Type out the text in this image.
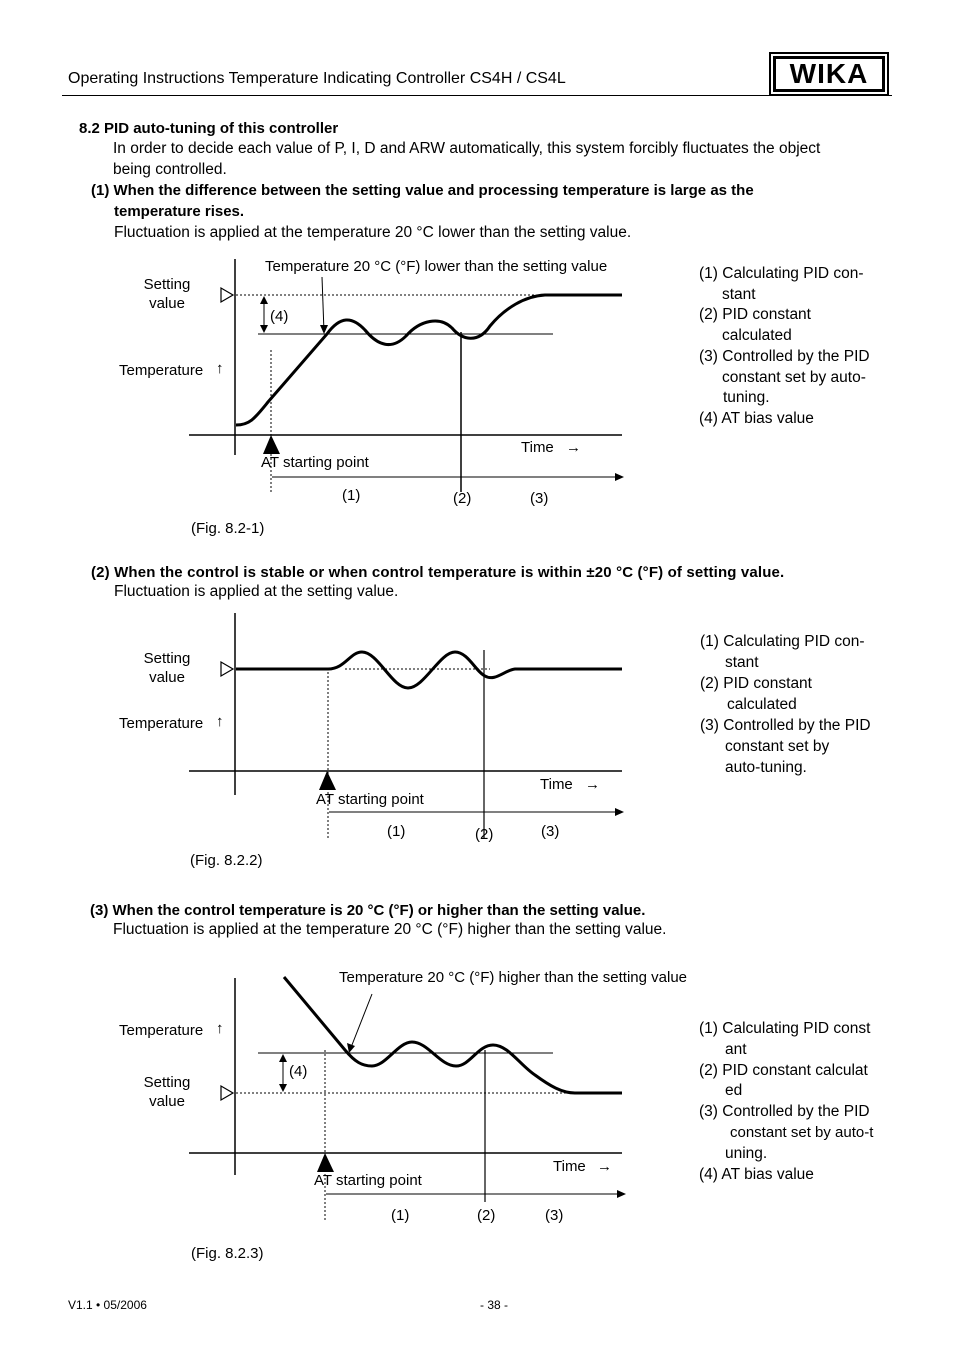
Operating Instructions Temperature Indicating Controller CS4H / CS4L	WIKA
8.2 PID auto-tuning of this controller
In order to decide each value of P, I, D and ARW automatically, this system forcibly fluctuates the object
being controlled.
(1) When the difference between the setting value and processing temperature is large as the
temperature rises.
Fluctuation is applied at the temperature 20 °C lower than the setting value.
Setting
value
Temperature ↑
Temperature 20 °C (°F) lower than the setting value
(4)
AT starting point
Time →
(1)	(2)	(3)
(Fig. 8.2-1)
(1) Calculating PID con-
stant
(2) PID constant
calculated
(3) Controlled by the PID
constant set by auto-
tuning.
(4) AT bias value
(2) When the control is stable or when control temperature is within ±20 °C (°F) of setting value.
Fluctuation is applied at the setting value.
Setting
value
Temperature ↑
AT starting point
Time →
(1)	(2)	(3)
(Fig. 8.2.2)
(1) Calculating PID con-
stant
(2) PID constant
calculated
(3) Controlled by the PID
constant set by
auto-tuning.
(3) When the control temperature is 20 °C (°F) or higher than the setting value.
Fluctuation is applied at the temperature 20 °C (°F) higher than the setting value.
Temperature 20 °C (°F) higher than the setting value
Temperature ↑
Setting
value
(4)
AT starting point
Time →
(1)	(2)	(3)
(Fig. 8.2.3)
(1) Calculating PID const
ant
(2) PID constant calculat
ed
(3) Controlled by the PID
constant set by auto-t
uning.
(4) AT bias value
V1.1 • 05/2006	- 38 -
